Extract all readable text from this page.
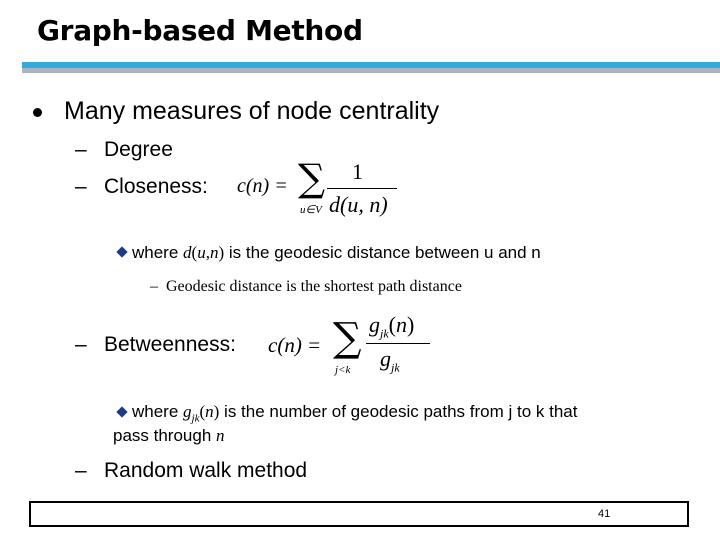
Graph-based Method
Many measures of node centrality
– Degree
– Closeness: c(n) = ∑
u∈V
1
d(u, n)
where d(u,n) is the geodesic distance between u and n
– Geodesic distance is the shortest path distance
– Betweenness: c(n) = ∑
j<k
$g_{jk}(n)$
$g_{jk}$
where $g_{jk}(n)$ is the number of geodesic paths from j to k that
pass through n
– Random walk method
41
